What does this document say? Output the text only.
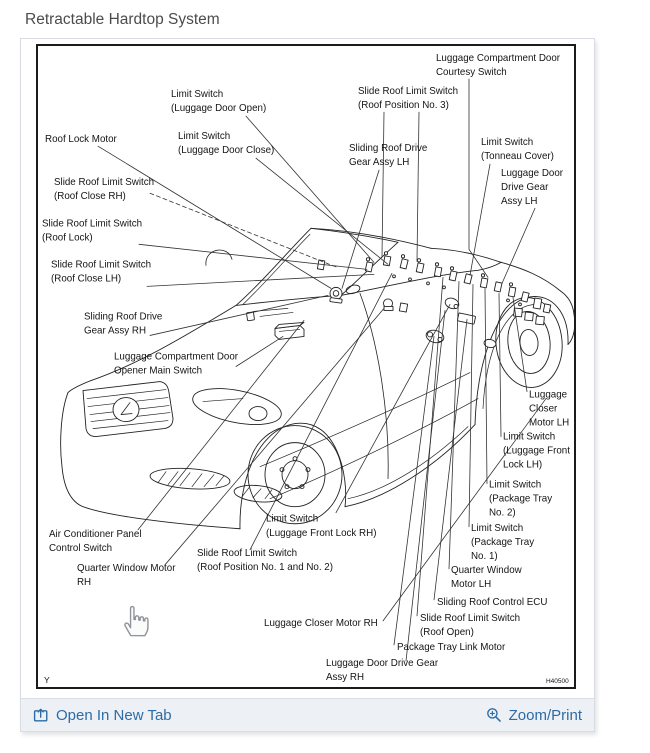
Retractable Hardtop System
Luggage Compartment Door
Courtesy Switch
Limit Switch
(Luggage Door Open)
Slide Roof Limit Switch
(Roof Position No. 3)
Roof Lock Motor	Limit Switch
(Luggage Door Close)	Sliding Roof Drive
Gear Assy LH
Limit Switch
(Tonneau Cover)
Luggage Door
Drive Gear
Assy LH
Slide Roof Limit Switch
(Roof Close RH)
Slide Roof Limit Switch
(Roof Lock)
Slide Roof Limit Switch
(Roof Close LH)
Sliding Roof Drive
Gear Assy RH
Luggage Compartment Door
Opener Main Switch
Luggage
Closer
Motor LH
Limit Switch
(Luggage Front
Lock LH)
Limit Switch
(Package Tray
No. 2)
Limit Switch
(Package Tray
No. 1)
Quarter Window
Motor LH
Sliding Roof Control ECU
Slide Roof Limit Switch
(Roof Open)
Package Tray Link Motor
Luggage Door Drive Gear
Assy RH
Luggage Closer Motor RH
Air Conditioner Panel
Control Switch
Quarter Window Motor
RH
Limit Switch
(Luggage Front Lock RH)
Slide Roof Limit Switch
(Roof Position No. 1 and No. 2)
Y	H40500
Open In New Tab	Zoom/Print
